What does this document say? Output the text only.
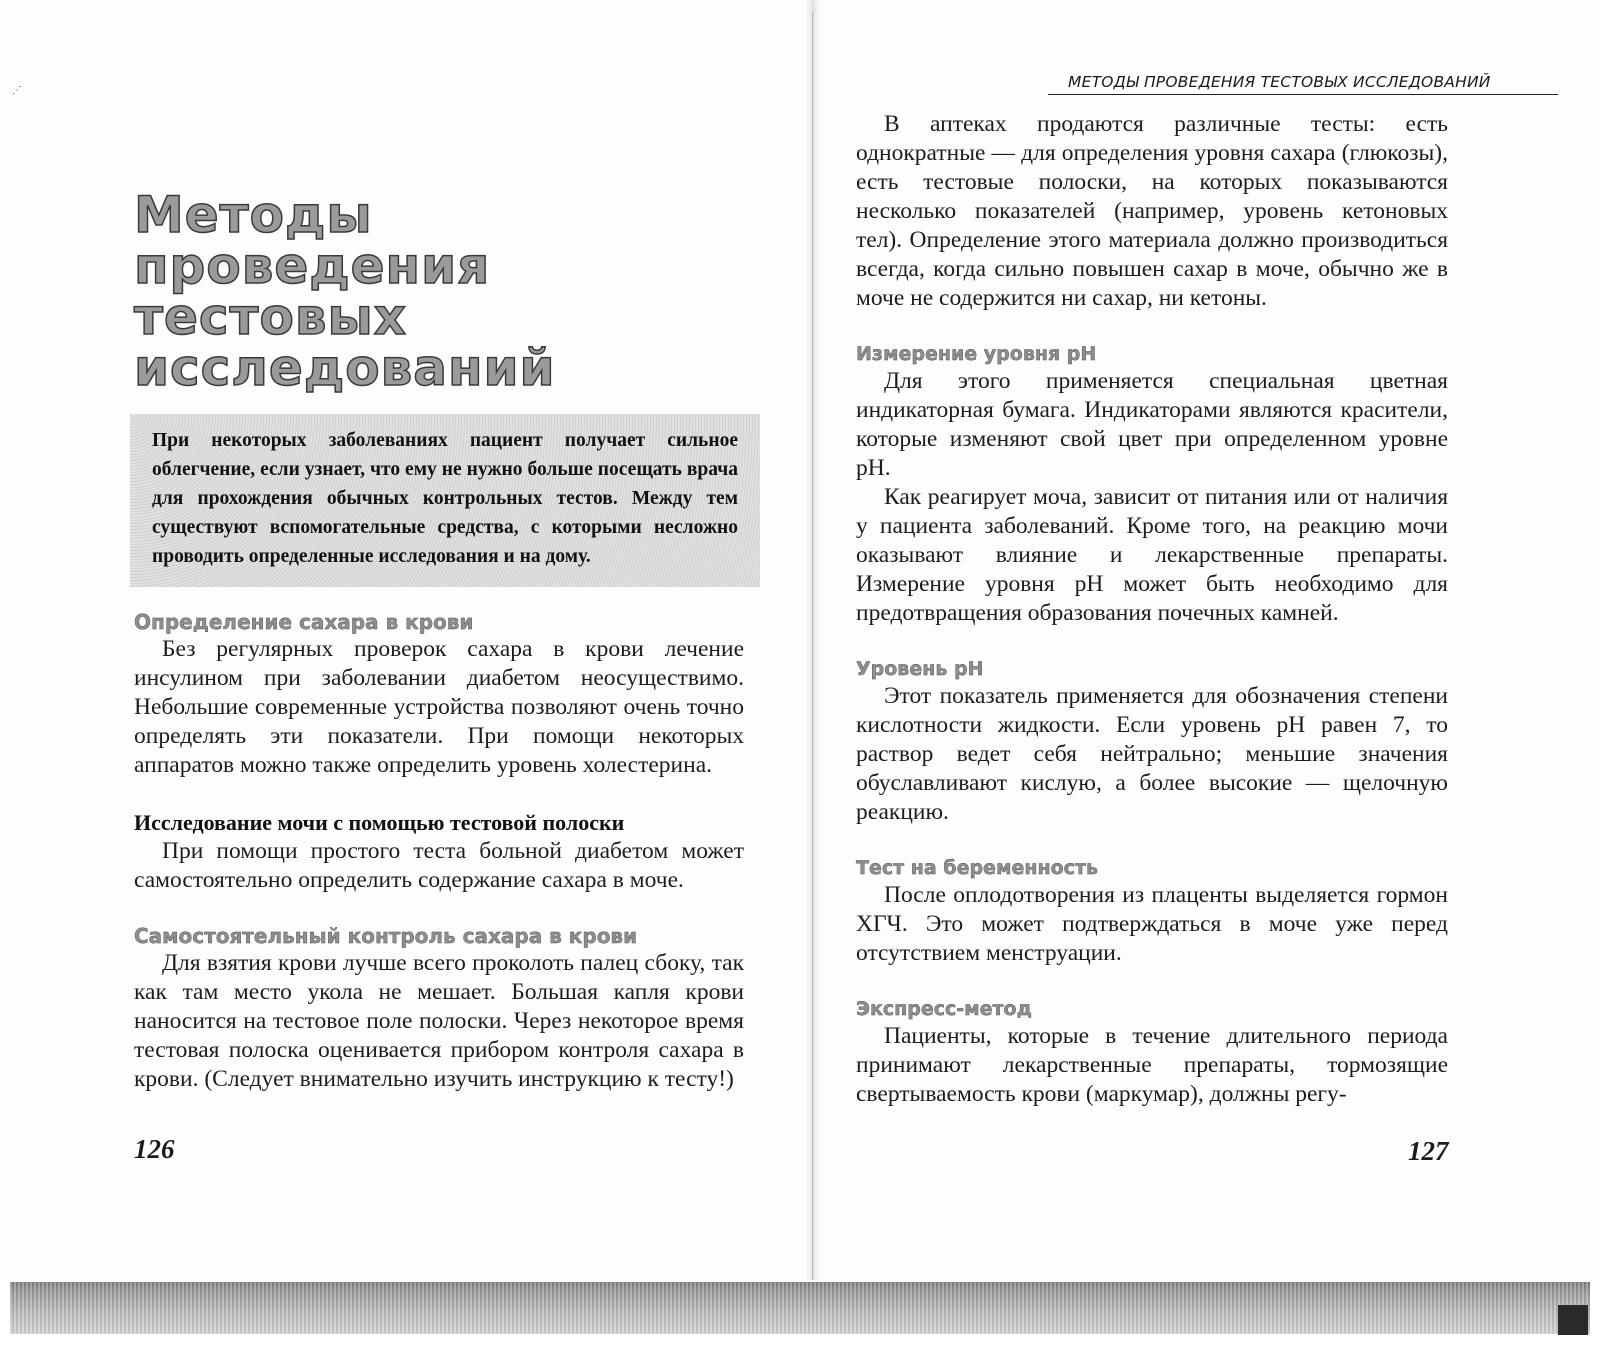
⋰
Методы проведения тестовых исследований
При некоторых заболеваниях пациент получает сильное облегчение, если узнает, что ему не нужно больше посещать врача для прохождения обычных контрольных тестов. Между тем существуют вспомогательные средства, с которыми несложно проводить определенные исследования и на дому.
Определение сахара в крови

Без регулярных проверок сахара в крови лечение инсулином при заболевании диабетом неосуществимо. Небольшие современные устройства позволяют очень точно определять эти показатели. При помощи некоторых аппаратов можно также определить уровень холестерина.

Исследование мочи с помощью тестовой полоски

При помощи простого теста больной диабетом может самостоятельно определить содержание сахара в моче.

Самостоятельный контроль сахара в крови

Для взятия крови лучше всего проколоть палец сбоку, так как там место укола не мешает. Большая капля крови наносится на тестовое поле полоски. Через некоторое время тестовая полоска оценивается прибором контроля сахара в крови. (Следует внимательно изучить инструкцию к тесту!)

126
МЕТОДЫ ПРОВЕДЕНИЯ ТЕСТОВЫХ ИССЛЕДОВАНИЙ

В аптеках продаются различные тесты: есть однократные — для определения уровня сахара (глюкозы), есть тестовые полоски, на которых показываются несколько показателей (например, уровень кетоновых тел). Определение этого материала должно производиться всегда, когда сильно повышен сахар в моче, обычно же в моче не содержится ни сахар, ни кетоны.

Измерение уровня рН

Для этого применяется специальная цветная индикаторная бумага. Индикаторами являются красители, которые изменяют свой цвет при определенном уровне рН.

Как реагирует моча, зависит от питания или от наличия у пациента заболеваний. Кроме того, на реакцию мочи оказывают влияние и лекарственные препараты. Измерение уровня рН может быть необходимо для предотвращения образования почечных камней.

Уровень рН

Этот показатель применяется для обозначения степени кислотности жидкости. Если уровень рН равен 7, то раствор ведет себя нейтрально; меньшие значения обуславливают кислую, а более высокие — щелочную реакцию.

Тест на беременность

После оплодотворения из плаценты выделяется гормон ХГЧ. Это может подтверждаться в моче уже перед отсутствием менструации.

Экспресс-метод

Пациенты, которые в течение длительного периода принимают лекарственные препараты, тормозящие свертываемость крови (маркумар), должны регу-

127
